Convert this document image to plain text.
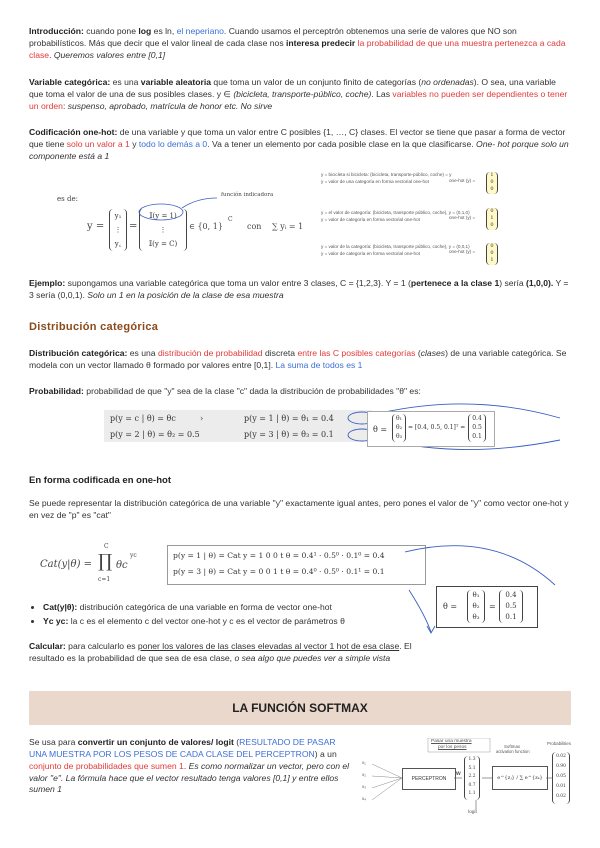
Introducción: cuando pone log es ln, el neperiano. Cuando usamos el perceptrón obtenemos una serie de valores que NO son probabilísticos. Más que decir que el valor lineal de cada clase nos interesa predecir la probabilidad de que una muestra pertenezca a cada clase. Queremos valores entre [0,1]
Variable categórica: es una variable aleatoria que toma un valor de un conjunto finito de categorías (no ordenadas). O sea, una variable que toma el valor de una de sus posibles clases. y ∈ (bicicleta, transporte-público, coche). Las variables no pueden ser dependientes o tener un orden: suspenso, aprobado, matrícula de honor etc. No sirve
Codificación one-hot: de una variable y que toma un valor entre C posibles {1, …, C} clases. El vector se tiene que pasar a forma de vector que tiene solo un valor a 1 y todo lo demás a 0. Va a tener un elemento por cada posible clase en la que clasificarse. One- hot porque solo un componente está a 1
es de:
y =
y₁
⋮
y꜀
=
𝕀(y = 1)
⋮
𝕀(y = C)
función indicadora
∈ {0, 1}
C
con ∑ yᵢ = 1
y = bicicleta si bicicleta: (bicicleta, transporte-público, coche) = y
y = valor de una categoría en forma vectorial one-hot
y = el valor de categoría: (bicicleta, transporte público, coche), y = (0,1,0)
y = valor de categoría en forma vectorial one-hot
y = valor de la categoría: (bicicleta, transporte público, coche), y = (0,0,1)
y = valor de categoría en forma vectorial one-hot
one-hot (y) =
one-hot (y) =
one-hot (y) =
1
0
0
0
1
0
0
0
1
Ejemplo: supongamos una variable categórica que toma un valor entre 3 clases, C = {1,2,3}. Y = 1 (pertenece a la clase 1) sería (1,0,0). Y = 3 sería (0,0,1). Solo un 1 en la posición de la clase de esa muestra
Distribución categórica
Distribución categórica: es una distribución de probabilidad discreta entre las C posibles categorías (clases) de una variable categórica. Se modela con un vector llamado θ formado por valores entre [0,1]. La suma de todos es 1
Probabilidad: probabilidad de que "y" sea de la clase "c" dada la distribución de probabilidades "θ" es:
p(y = c | θ) = θc	›	p(y = 1 | θ) = θ₁ = 0.4
p(y = 2 | θ) = θ₂ = 0.5	p(y = 3 | θ) = θ₃ = 0.1
θ =
θ₁
θ₂
θ₃
= [0.4, 0.5, 0.1]ᵀ =
0.4
0.5
0.1
En forma codificada en one-hot
Se puede representar la distribución categórica de una variable "y" exactamente igual antes, pero pones el valor de "y" como vector one-hot y en vez de "p" es "cat"
Cat(y|θ) =
C
∏
c=1
θc
yc	p(y = 1 | θ) = Cat y = 1 0 0 t θ = 0.4¹ · 0.5⁰ · 0.1⁰ = 0.4
p(y = 3 | θ) = Cat y = 0 0 1 t θ = 0.4⁰ · 0.5⁰ · 0.1¹ = 0.1
θ =
θ₁
θ₂
θ₃
=
0.4
0.5
0.1
• Cat(y|θ): distribución categórica de una variable en forma de vector one-hot
• Yc yc: la c es el elemento c del vector one-hot y c es el vector de parámetros θ
Calcular: para calcularlo es poner los valores de las clases elevadas al vector 1 hot de esa clase. El resultado es la probabilidad de que sea de esa clase, o sea algo que puedes ver a simple vista
LA FUNCIÓN SOFTMAX
Se usa para convertir un conjunto de valores/ logit (RESULTADO DE PASAR UNA MUESTRA POR LOS PESOS DE CADA CLASE DEL PERCEPTRON) a un conjunto de probabilidades que sumen 1. Es como normalizar un vector, pero con el valor "e". La fórmula hace que el vector resultado tenga valores [0,1] y entre ellos sumen 1
Pasar una muestra
por los pesos
x₁
x₂
x₃
x₄
PERCEPTRON
w
1.3
5.1
2.2
0.7
1.1
logit
Softmax
activation function
e^{zⱼ} / ∑ e^{zₖ}
Probabilities
0.02
0.90
0.05
0.01
0.02
